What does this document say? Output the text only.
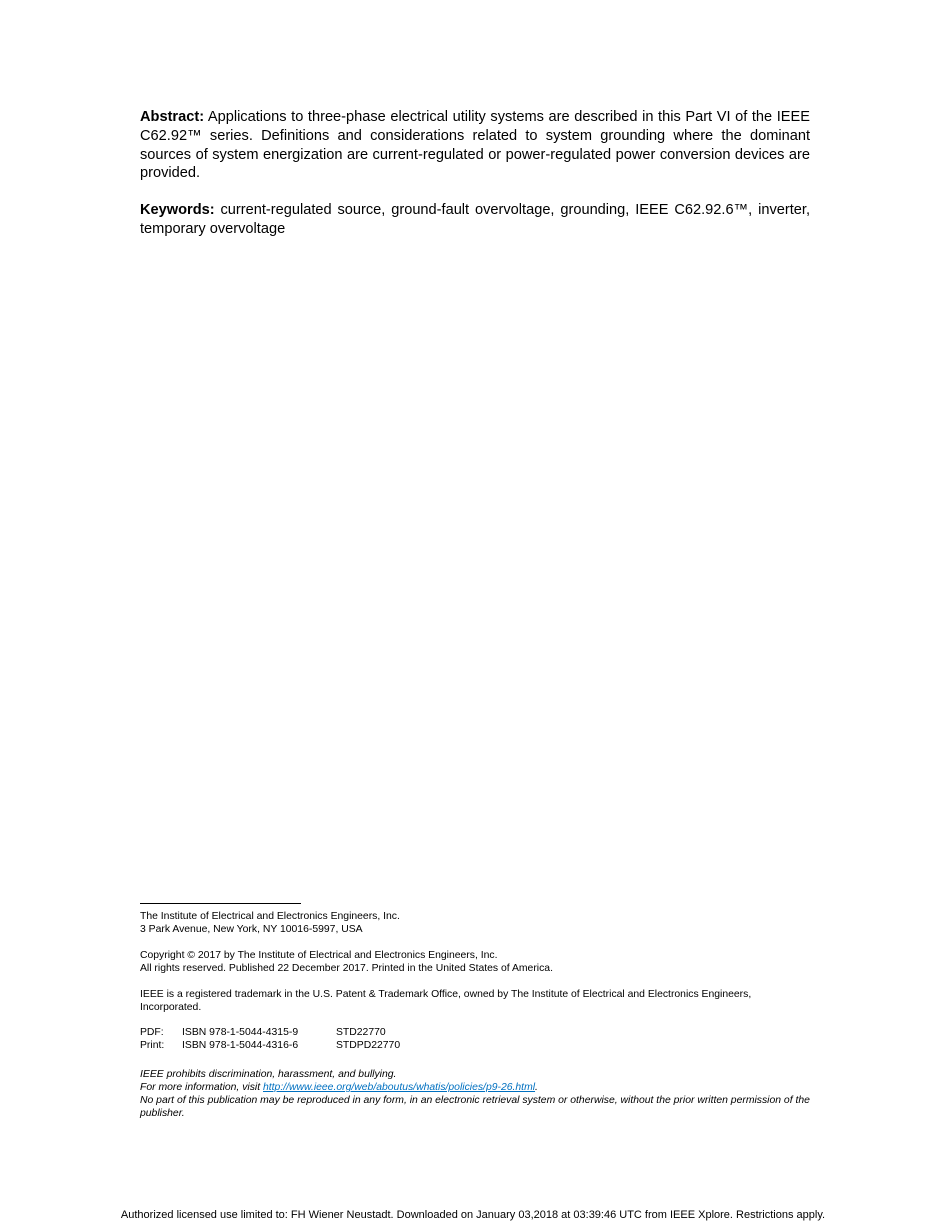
Abstract: Applications to three-phase electrical utility systems are described in this Part VI of the IEEE C62.92™ series. Definitions and considerations related to system grounding where the dominant sources of system energization are current-regulated or power-regulated power conversion devices are provided.
Keywords: current-regulated source, ground-fault overvoltage, grounding, IEEE C62.92.6™, inverter, temporary overvoltage
The Institute of Electrical and Electronics Engineers, Inc.
3 Park Avenue, New York, NY 10016-5997, USA
Copyright © 2017 by The Institute of Electrical and Electronics Engineers, Inc.
All rights reserved. Published 22 December 2017. Printed in the United States of America.
IEEE is a registered trademark in the U.S. Patent & Trademark Office, owned by The Institute of Electrical and Electronics Engineers, Incorporated.
PDF:	ISBN 978-1-5044-4315-9	STD22770
Print:	ISBN 978-1-5044-4316-6	STDPD22770
IEEE prohibits discrimination, harassment, and bullying.
For more information, visit http://www.ieee.org/web/aboutus/whatis/policies/p9-26.html.
No part of this publication may be reproduced in any form, in an electronic retrieval system or otherwise, without the prior written permission of the publisher.
Authorized licensed use limited to: FH Wiener Neustadt. Downloaded on January 03,2018 at 03:39:46 UTC from IEEE Xplore. Restrictions apply.
